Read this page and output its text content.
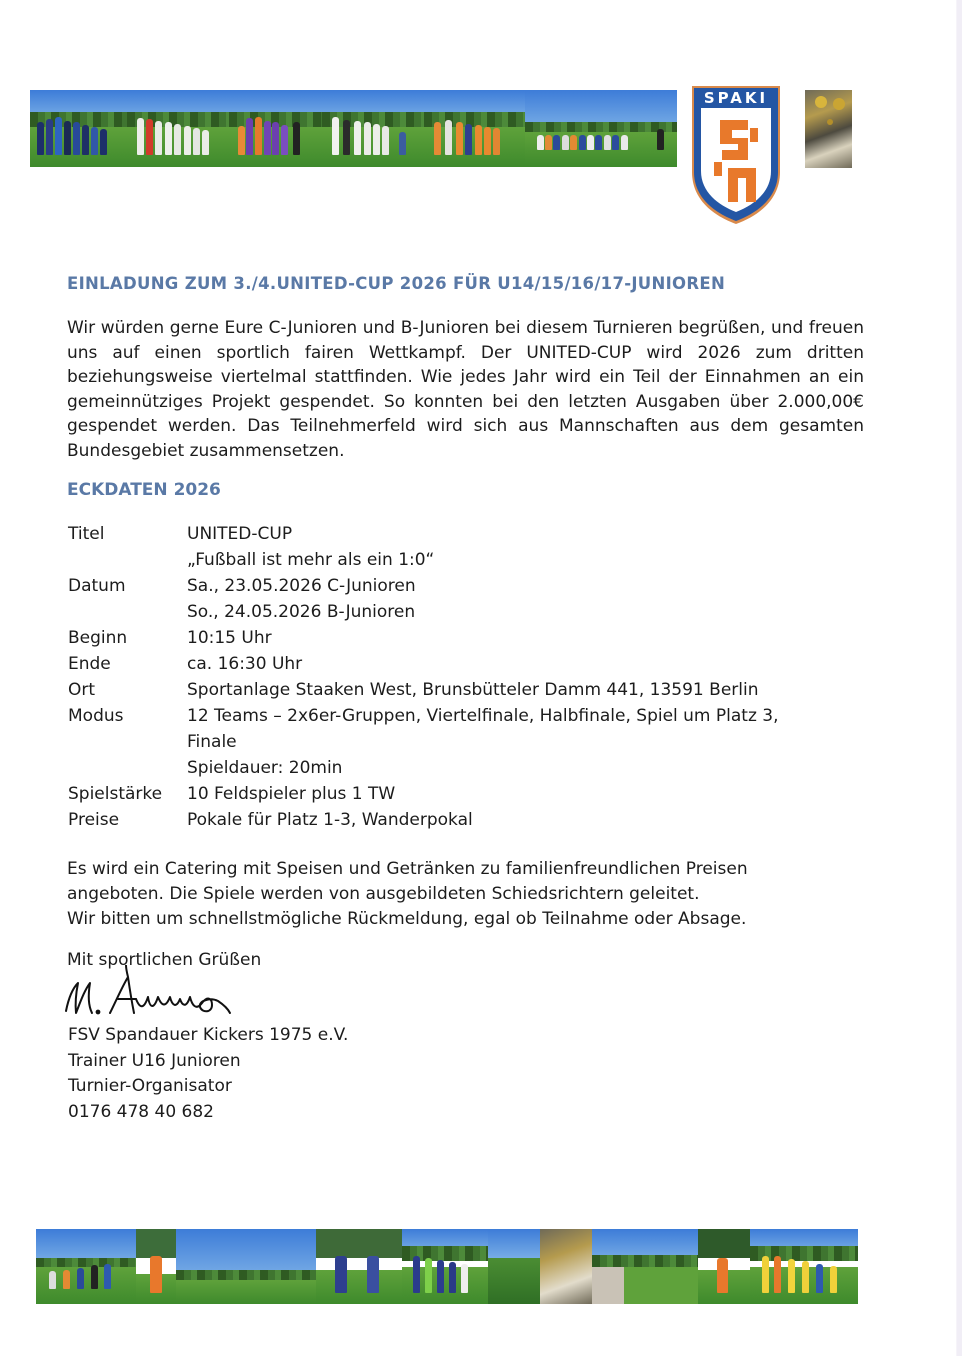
SPAKI
EINLADUNG ZUM 3./4.UNITED-CUP 2026 FÜR U14/15/16/17-JUNIOREN
Wir würden gerne Eure C-Junioren und B-Junioren bei diesem Turnieren begrüßen, und freuen uns auf einen sportlich fairen Wettkampf. Der UNITED-CUP wird 2026 zum dritten beziehungsweise viertelmal stattfinden. Wie jedes Jahr wird ein Teil der Einnahmen an ein gemeinnütziges Projekt gespendet. So konnten bei den letzten Ausgaben über 2.000,00€ gespendet werden. Das Teilnehmerfeld wird sich aus Mannschaften aus dem gesamten Bundesgebiet zusammensetzen.
ECKDATEN 2026
Titel	UNITED-CUP
„Fußball ist mehr als ein 1:0“
Datum	Sa., 23.05.2026 C-Junioren
So., 24.05.2026 B-Junioren
Beginn	10:15 Uhr
Ende	ca. 16:30 Uhr
Ort	Sportanlage Staaken West, Brunsbütteler Damm 441, 13591 Berlin
Modus	12 Teams – 2x6er-Gruppen, Viertelfinale, Halbfinale, Spiel um Platz 3,
Finale
Spieldauer: 20min
Spielstärke	10 Feldspieler plus 1 TW
Preise	Pokale für Platz 1-3, Wanderpokal
Es wird ein Catering mit Speisen und Getränken zu familienfreundlichen Preisen
angeboten. Die Spiele werden von ausgebildeten Schiedsrichtern geleitet.
Wir bitten um schnellstmögliche Rückmeldung, egal ob Teilnahme oder Absage.
Mit sportlichen Grüßen
FSV Spandauer Kickers 1975 e.V.
Trainer U16 Junioren
Turnier-Organisator
0176 478 40 682
